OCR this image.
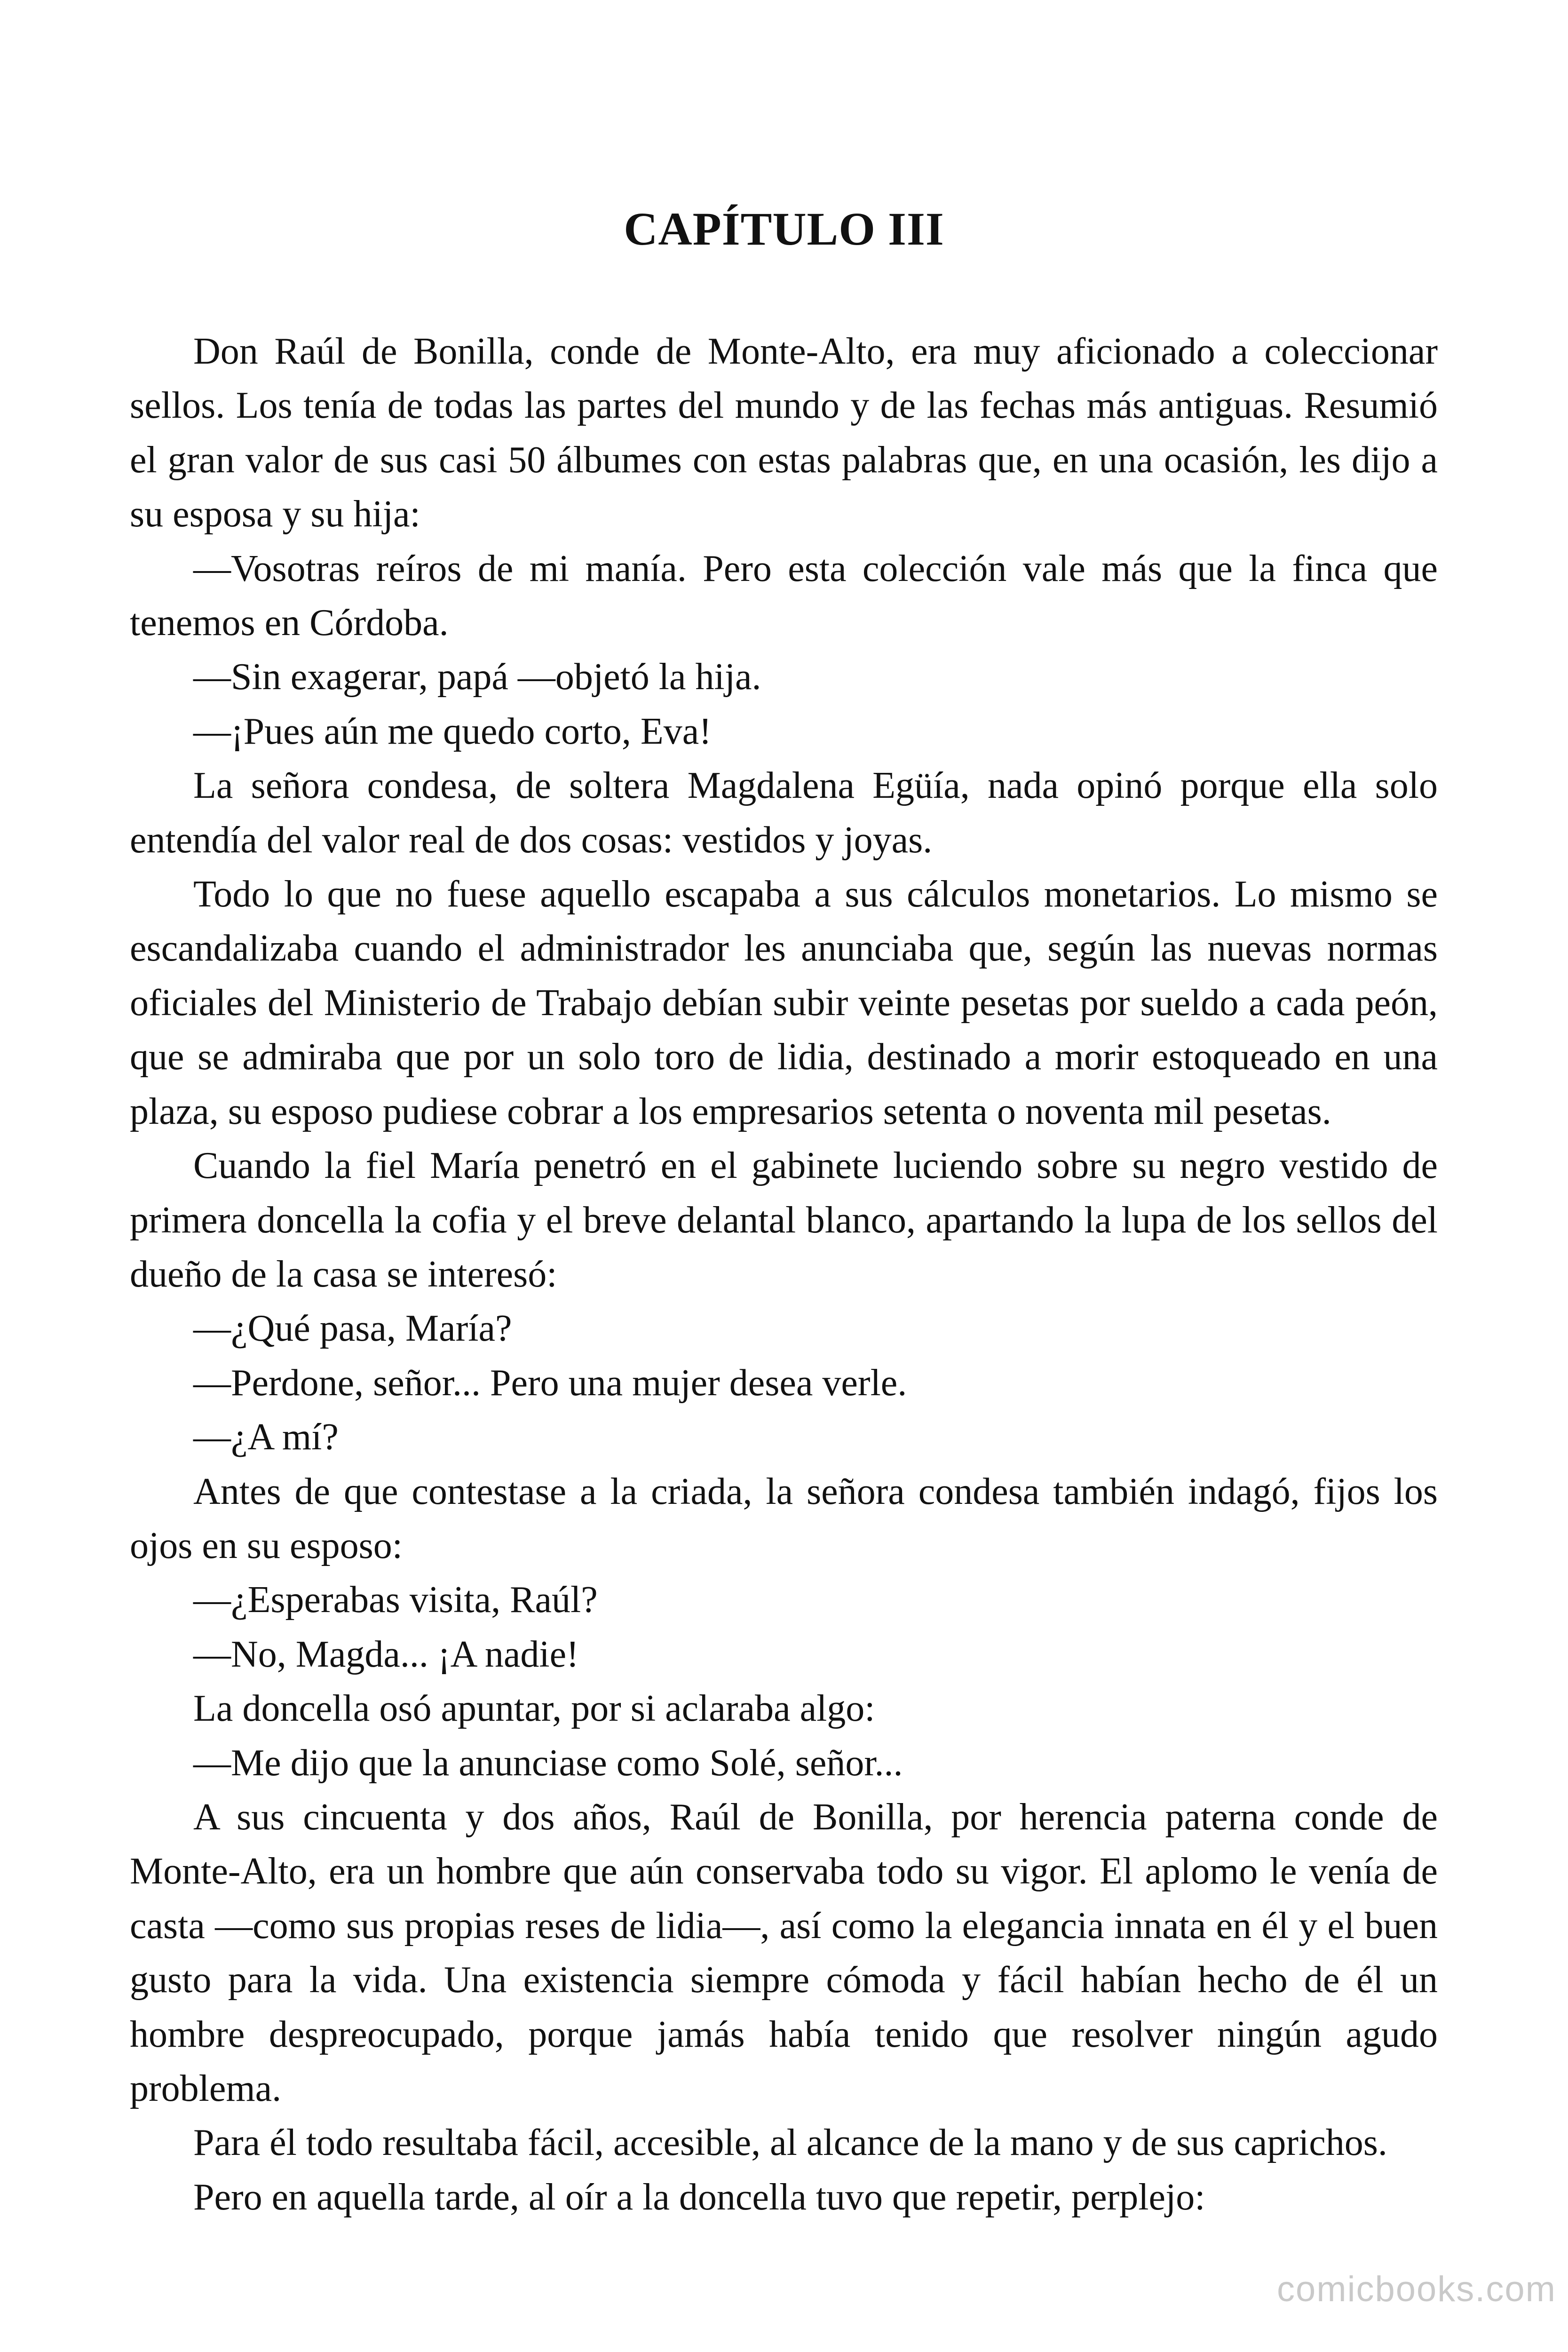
CAPÍTULO III

Don Raúl de Bonilla, conde de Monte-Alto, era muy aficionado a coleccionar sellos. Los tenía de todas las partes del mundo y de las fechas más antiguas. Resumió el gran valor de sus casi 50 álbumes con estas palabras que, en una ocasión, les dijo a su esposa y su hija:

—Vosotras reíros de mi manía. Pero esta colección vale más que la finca que tenemos en Córdoba.

—Sin exagerar, papá —objetó la hija.

—¡Pues aún me quedo corto, Eva!

La señora condesa, de soltera Magdalena Egüía, nada opinó porque ella solo entendía del valor real de dos cosas: vestidos y joyas.

Todo lo que no fuese aquello escapaba a sus cálculos monetarios. Lo mismo se escandalizaba cuando el administrador les anunciaba que, según las nuevas normas oficiales del Ministerio de Trabajo debían subir veinte pesetas por sueldo a cada peón, que se admiraba que por un solo toro de lidia, destinado a morir estoqueado en una plaza, su esposo pudiese cobrar a los empresarios setenta o noventa mil pesetas.

Cuando la fiel María penetró en el gabinete luciendo sobre su negro vestido de primera doncella la cofia y el breve delantal blanco, apartando la lupa de los sellos del dueño de la casa se interesó:

—¿Qué pasa, María?

—Perdone, señor... Pero una mujer desea verle.

—¿A mí?

Antes de que contestase a la criada, la señora condesa también indagó, fijos los ojos en su esposo:

—¿Esperabas visita, Raúl?

—No, Magda... ¡A nadie!

La doncella osó apuntar, por si aclaraba algo:

—Me dijo que la anunciase como Solé, señor...

A sus cincuenta y dos años, Raúl de Bonilla, por herencia paterna conde de Monte-Alto, era un hombre que aún conservaba todo su vigor. El aplomo le venía de casta —como sus propias reses de lidia—, así como la elegancia innata en él y el buen gusto para la vida. Una existencia siempre cómoda y fácil habían hecho de él un hombre despreocupado, porque jamás había tenido que resolver ningún agudo problema.

Para él todo resultaba fácil, accesible, al alcance de la mano y de sus caprichos.

Pero en aquella tarde, al oír a la doncella tuvo que repetir, perplejo:

comicbooks.com
